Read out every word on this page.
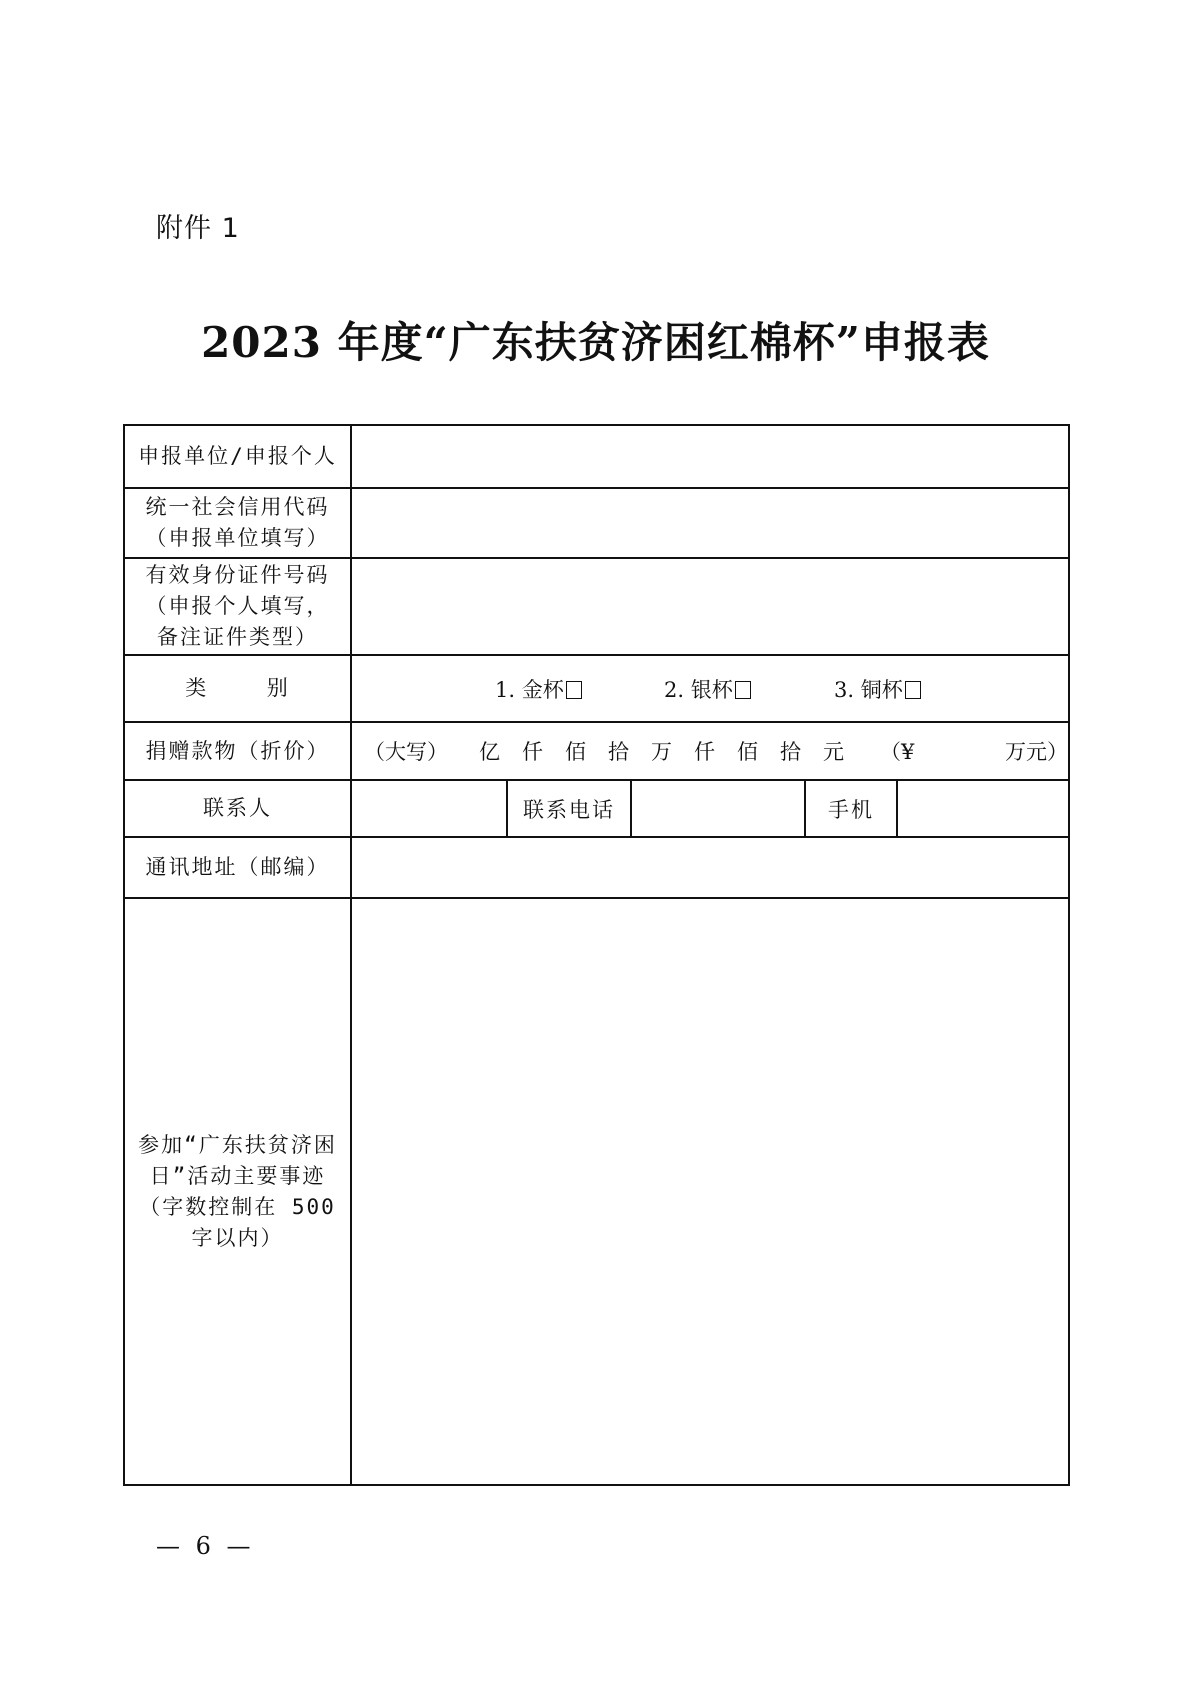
附件 1
2023 年度“广东扶贫济困红棉杯”申报表
申报单位/申报个人
统一社会信用代码
（申报单位填写）
有效身份证件号码
（申报个人填写，
备注证件类型）
类    别	1. 金杯	2. 银杯	3. 铜杯
捐赠款物（折价） （大写） 亿 仟 佰 拾 万 仟 佰 拾 元 （¥	万元）
联系人	联系电话	手机
通讯地址（邮编）
参加“广东扶贫济困
日”活动主要事迹
（字数控制在 500
字以内）
— 6 —
